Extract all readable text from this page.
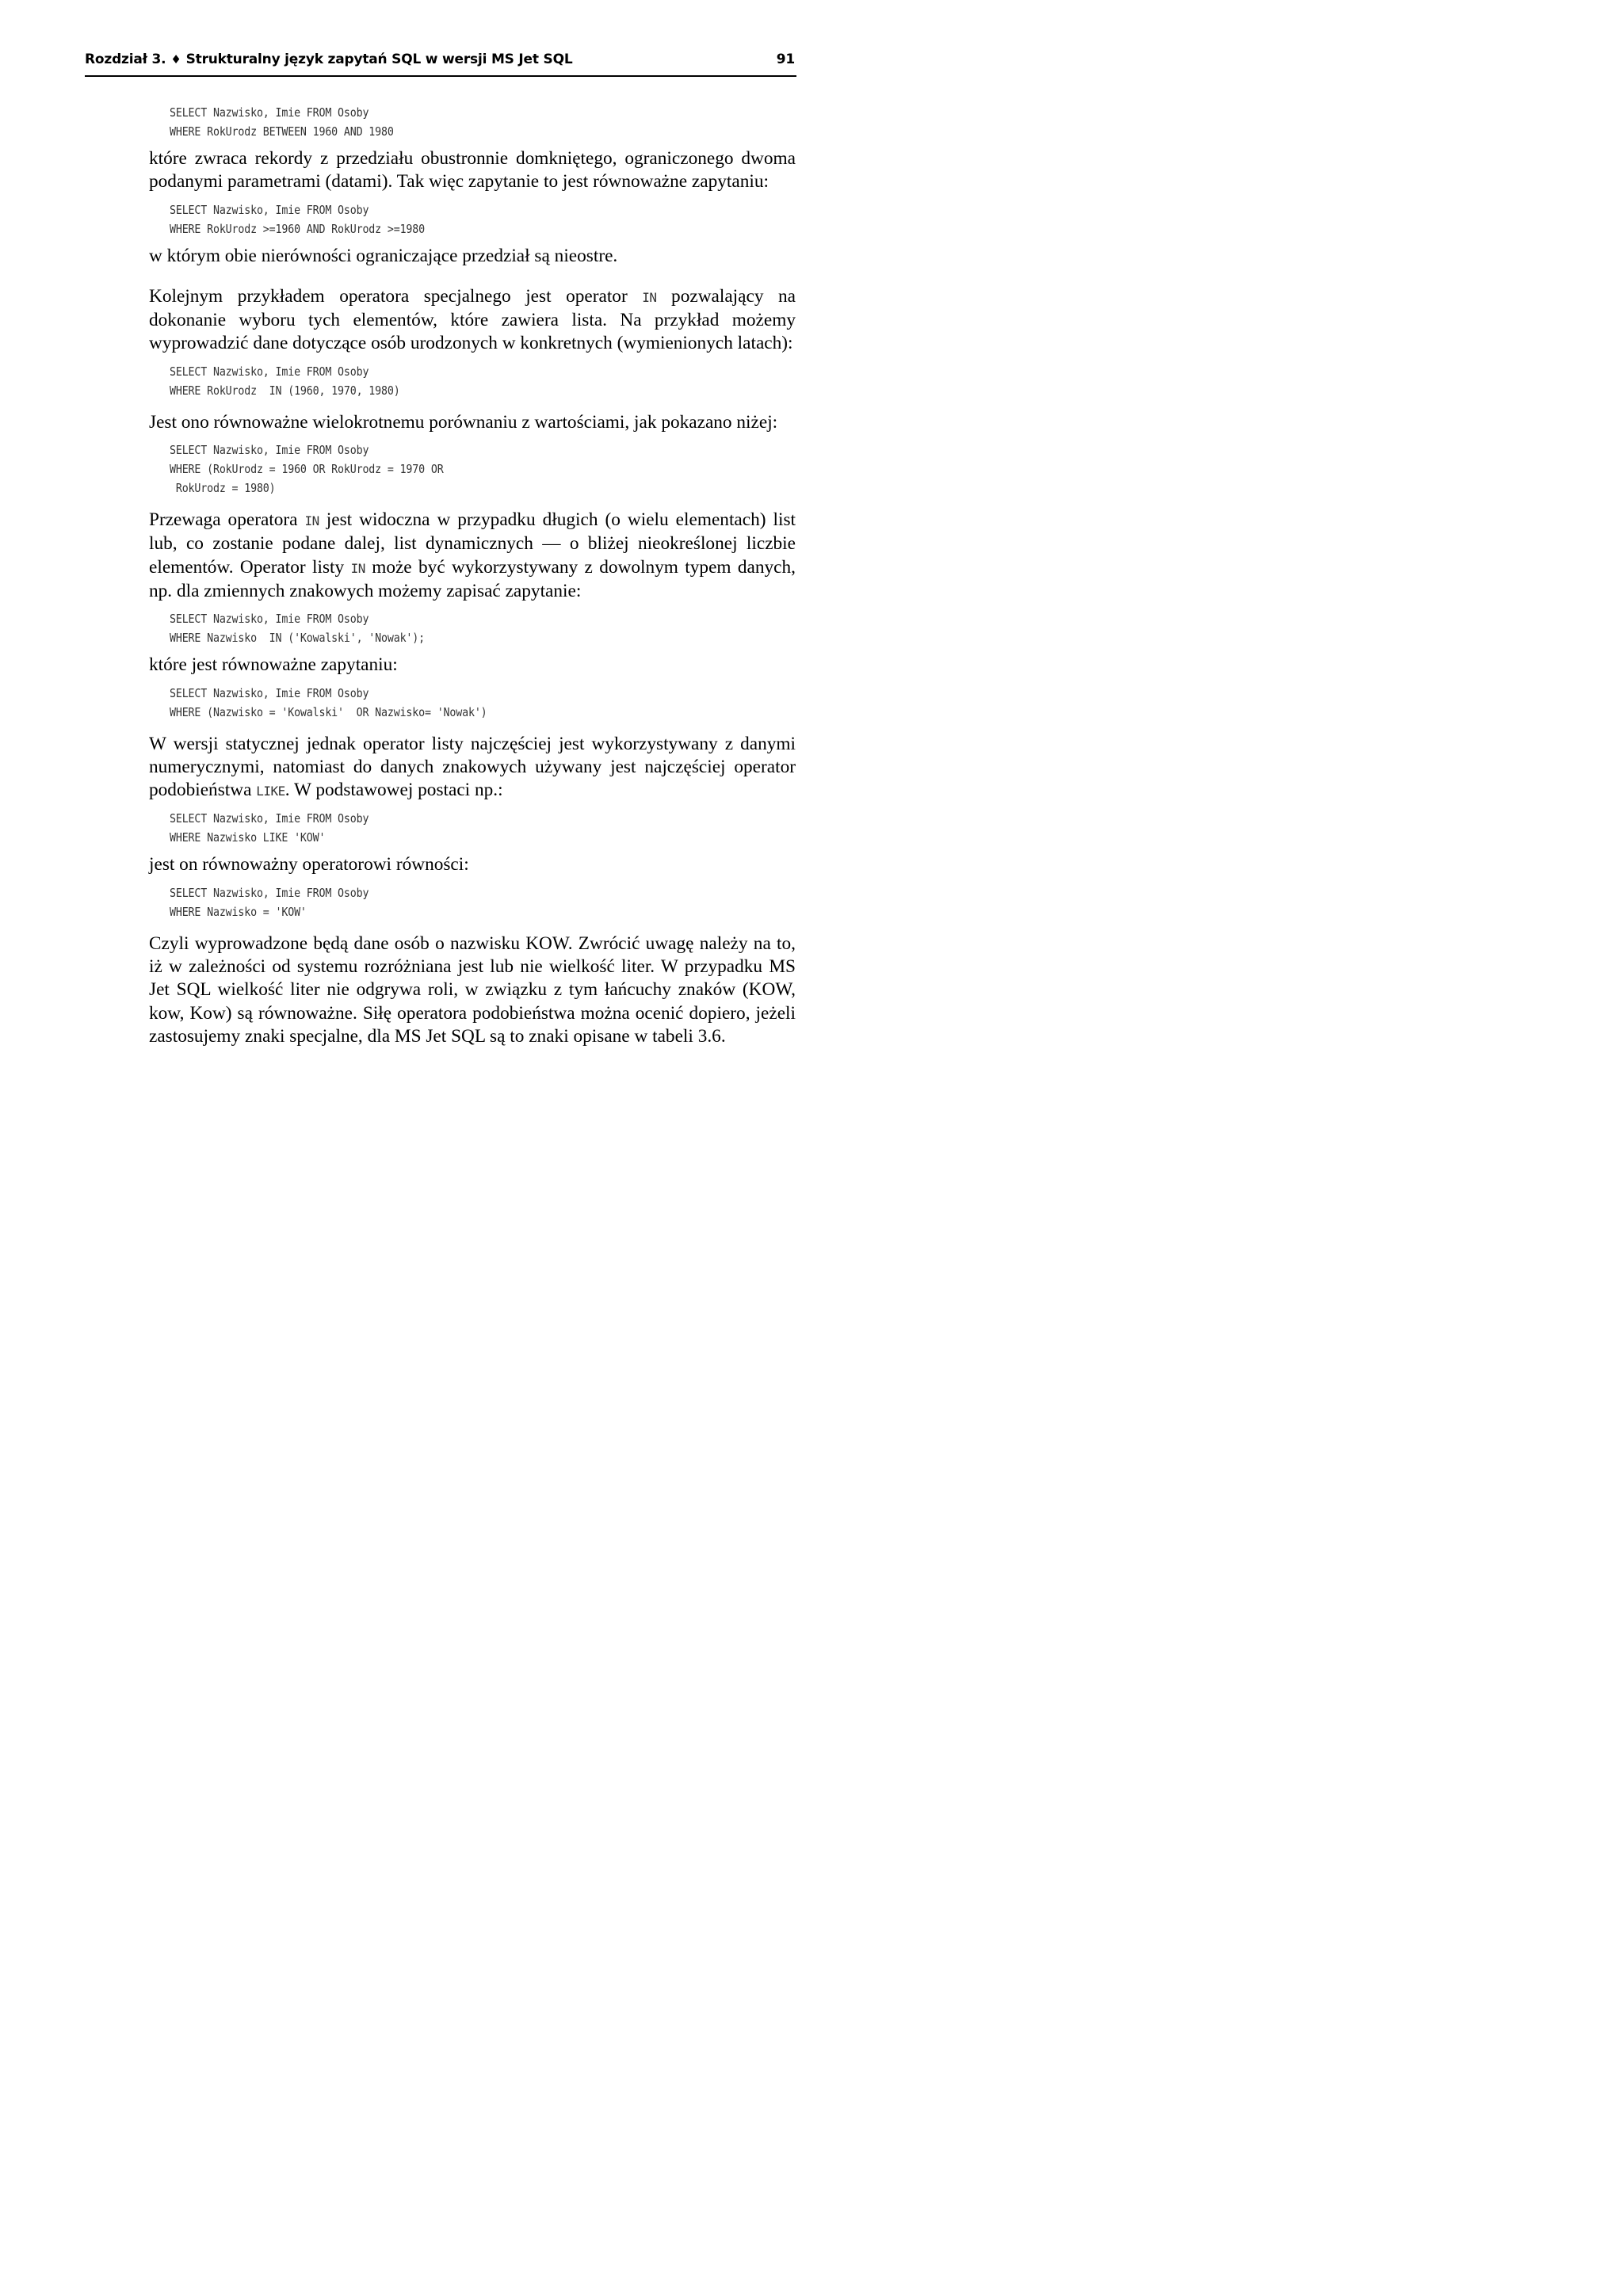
Rozdział 3. ♦ Strukturalny język zapytań SQL w wersji MS Jet SQL	91
SELECT Nazwisko, Imie FROM Osoby
WHERE RokUrodz BETWEEN 1960 AND 1980

które zwraca rekordy z przedziału obustronnie domkniętego, ograniczonego dwoma podanymi parametrami (datami). Tak więc zapytanie to jest równoważne zapytaniu:

SELECT Nazwisko, Imie FROM Osoby
WHERE RokUrodz >=1960 AND RokUrodz >=1980

w którym obie nierówności ograniczające przedział są nieostre.

Kolejnym przykładem operatora specjalnego jest operator IN pozwalający na dokonanie wyboru tych elementów, które zawiera lista. Na przykład możemy wyprowadzić dane dotyczące osób urodzonych w konkretnych (wymienionych latach):

SELECT Nazwisko, Imie FROM Osoby
WHERE RokUrodz  IN (1960, 1970, 1980)

Jest ono równoważne wielokrotnemu porównaniu z wartościami, jak pokazano niżej:

SELECT Nazwisko, Imie FROM Osoby
WHERE (RokUrodz = 1960 OR RokUrodz = 1970 OR
RokUrodz = 1980)

Przewaga operatora IN jest widoczna w przypadku długich (o wielu elementach) list lub, co zostanie podane dalej, list dynamicznych — o bliżej nieokreślonej liczbie elementów. Operator listy IN może być wykorzystywany z dowolnym typem danych, np. dla zmiennych znakowych możemy zapisać zapytanie:

SELECT Nazwisko, Imie FROM Osoby
WHERE Nazwisko  IN ('Kowalski', 'Nowak');

które jest równoważne zapytaniu:

SELECT Nazwisko, Imie FROM Osoby
WHERE (Nazwisko = 'Kowalski'  OR Nazwisko= 'Nowak')

W wersji statycznej jednak operator listy najczęściej jest wykorzystywany z danymi numerycznymi, natomiast do danych znakowych używany jest najczęściej operator podobieństwa LIKE. W podstawowej postaci np.:

SELECT Nazwisko, Imie FROM Osoby
WHERE Nazwisko LIKE 'KOW'

jest on równoważny operatorowi równości:

SELECT Nazwisko, Imie FROM Osoby
WHERE Nazwisko = 'KOW'

Czyli wyprowadzone będą dane osób o nazwisku KOW. Zwrócić uwagę należy na to, iż w zależności od systemu rozróżniana jest lub nie wielkość liter. W przypadku MS Jet SQL wielkość liter nie odgrywa roli, w związku z tym łańcuchy znaków (KOW, kow, Kow) są równoważne. Siłę operatora podobieństwa można ocenić dopiero, jeżeli zastosujemy znaki specjalne, dla MS Jet SQL są to znaki opisane w tabeli 3.6.
